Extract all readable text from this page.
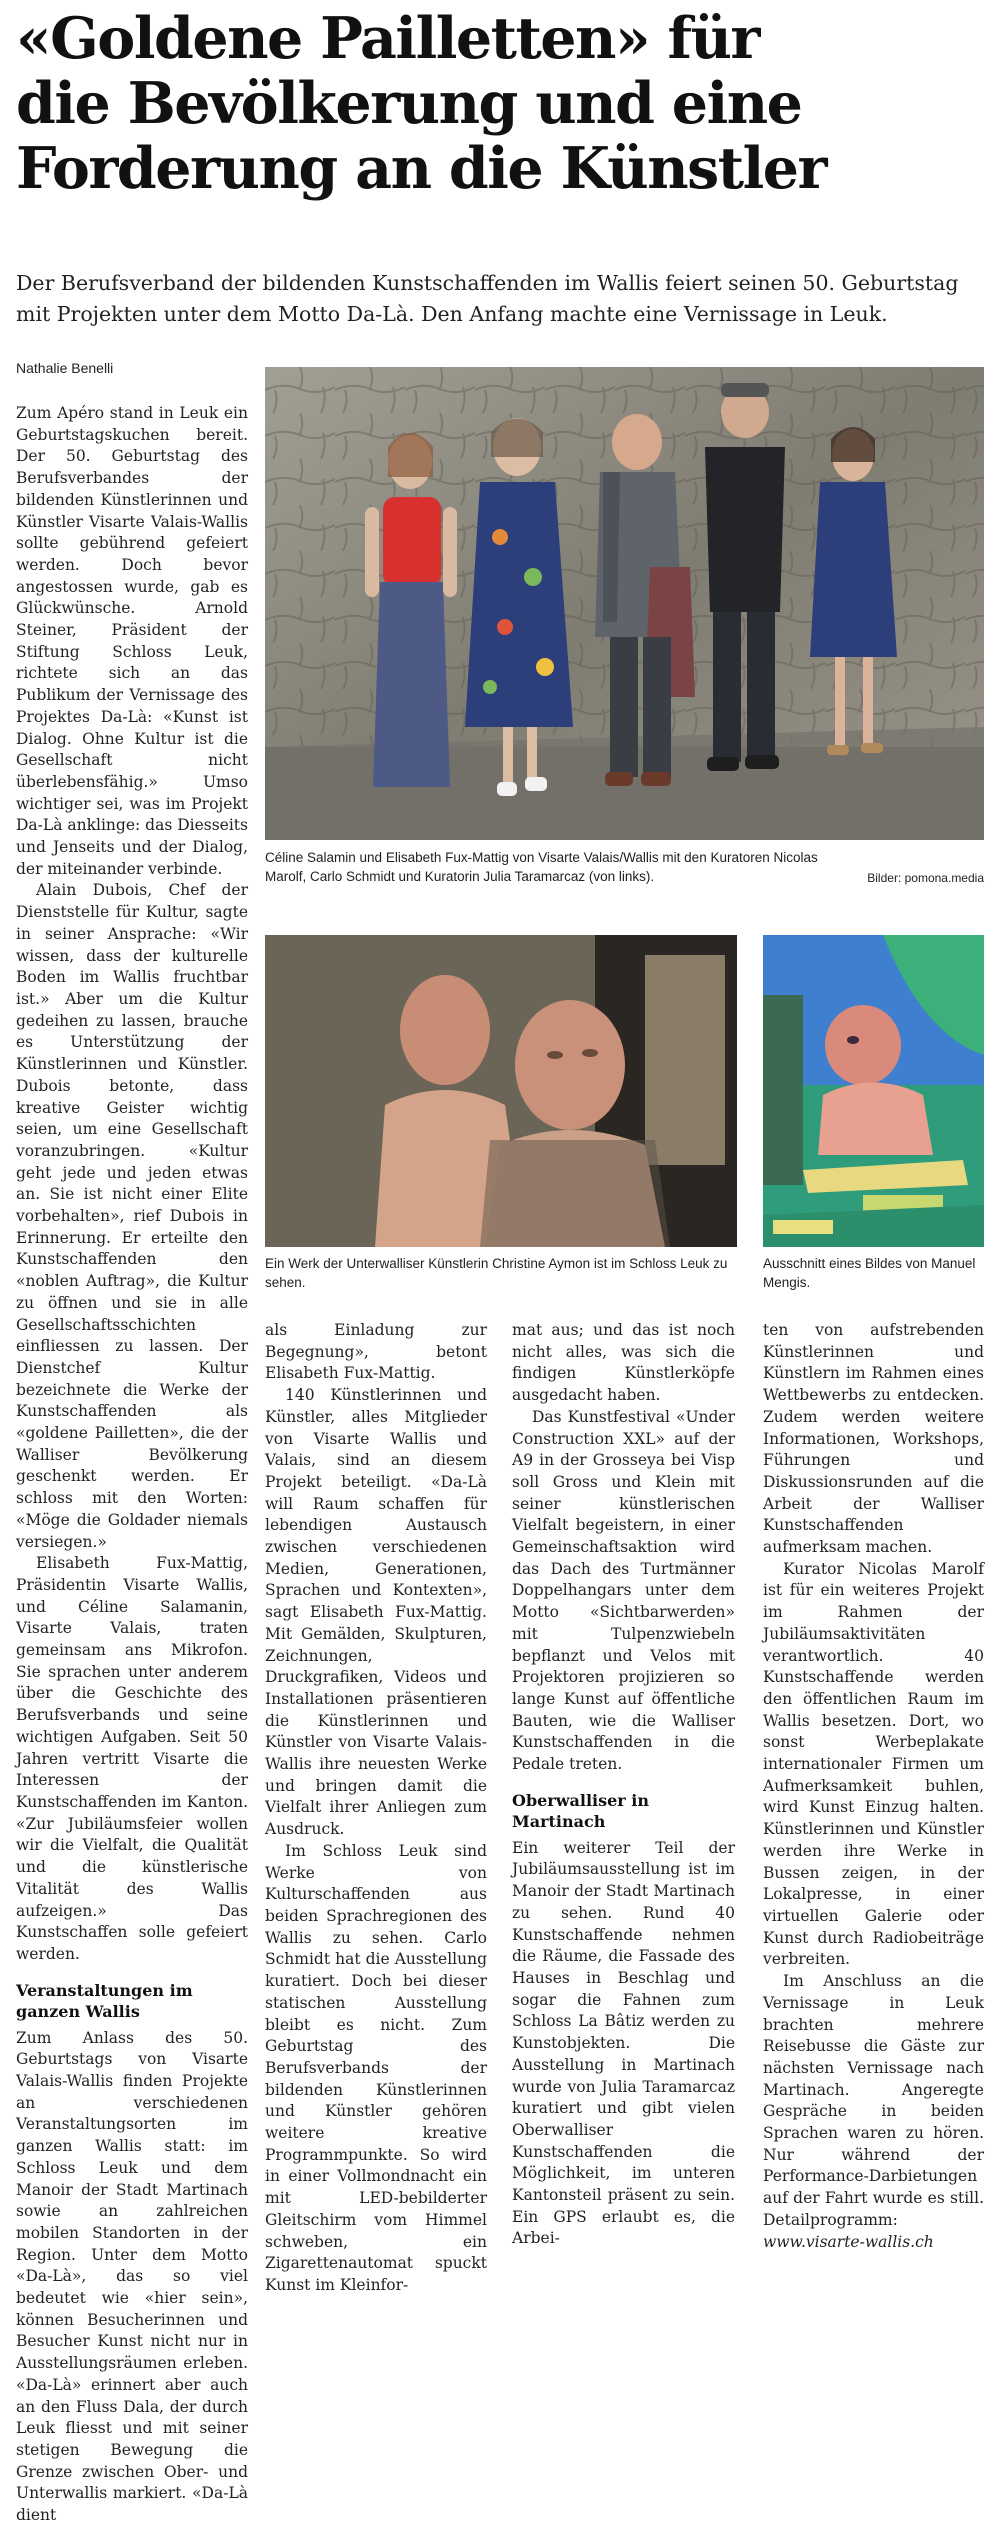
«Goldene Pailletten» für
die Bevölkerung und eine
Forderung an die Künstler

Der Berufsverband der bildenden Kunstschaffenden im Wallis feiert seinen 50. Geburtstag
mit Projekten unter dem Motto Da-Là. Den Anfang machte eine Vernissage in Leuk.

Nathalie Benelli
Céline Salamin und Elisabeth Fux-Mattig von Visarte Valais/Wallis mit den Kuratoren Nicolas Marolf, Carlo Schmidt und Kuratorin Julia Taramarcaz (von links).	Bilder: pomona.media
Ein Werk der Unterwalliser Künstlerin Christine Aymon ist im Schloss Leuk zu sehen.
Ausschnitt eines Bildes von Manuel Mengis.

Zum Apéro stand in Leuk ein Geburtstagskuchen bereit. Der 50. Geburtstag des Berufsverbandes der bildenden Künstlerinnen und Künstler Visarte Valais-Wallis sollte gebührend gefeiert werden. Doch bevor angestossen wurde, gab es Glückwünsche. Arnold Steiner, Präsident der Stiftung Schloss Leuk, richtete sich an das Publikum der Vernissage des Projektes Da-Là: «Kunst ist Dialog. Ohne Kultur ist die Gesellschaft nicht überlebensfähig.» Umso wichtiger sei, was im Projekt Da-Là anklinge: das Diesseits und Jenseits und der Dialog, der miteinander verbinde.

Alain Dubois, Chef der Dienststelle für Kultur, sagte in seiner Ansprache: «Wir wissen, dass der kulturelle Boden im Wallis fruchtbar ist.» Aber um die Kultur gedeihen zu lassen, brauche es Unterstützung der Künstlerinnen und Künstler. Dubois betonte, dass kreative Geister wichtig seien, um eine Gesellschaft voranzubringen. «Kultur geht jede und jeden etwas an. Sie ist nicht einer Elite vorbehalten», rief Dubois in Erinnerung. Er erteilte den Kunstschaffenden den «noblen Auftrag», die Kultur zu öffnen und sie in alle Gesellschaftsschichten einfliessen zu lassen. Der Dienstchef Kultur bezeichnete die Werke der Kunstschaffenden als «goldene Pailletten», die der Walliser Bevölkerung geschenkt werden. Er schloss mit den Worten: «Möge die Goldader niemals versiegen.»

Elisabeth Fux-Mattig, Präsidentin Visarte Wallis, und Céline Salamanin, Visarte Valais, traten gemeinsam ans Mikrofon. Sie sprachen unter anderem über die Geschichte des Berufsverbands und seine wichtigen Aufgaben. Seit 50 Jahren vertritt Visarte die Interessen der Kunstschaffenden im Kanton. «Zur Jubiläumsfeier wollen wir die Vielfalt, die Qualität und die künstlerische Vitalität des Wallis aufzeigen.» Das Kunstschaffen solle gefeiert werden.

Veranstaltungen im ganzen Wallis

Zum Anlass des 50. Geburtstags von Visarte Valais-Wallis finden Projekte an verschiedenen Veranstaltungsorten im ganzen Wallis statt: im Schloss Leuk und dem Manoir der Stadt Martinach sowie an zahlreichen mobilen Standorten in der Region. Unter dem Motto «Da-Là», das so viel bedeutet wie «hier sein», können Besucherinnen und Besucher Kunst nicht nur in Ausstellungsräumen erleben. «Da-Là» erinnert aber auch an den Fluss Dala, der durch Leuk fliesst und mit seiner stetigen Bewegung die Grenze zwischen Ober- und Unterwallis markiert. «Da-Là dient

als Einladung zur Begegnung», betont Elisabeth Fux-Mattig.

140 Künstlerinnen und Künstler, alles Mitglieder von Visarte Wallis und Valais, sind an diesem Projekt beteiligt. «Da-Là will Raum schaffen für lebendigen Austausch zwischen verschiedenen Medien, Generationen, Sprachen und Kontexten», sagt Elisabeth Fux-Mattig. Mit Gemälden, Skulpturen, Zeichnungen, Druckgrafiken, Videos und Installationen präsentieren die Künstlerinnen und Künstler von Visarte Valais-Wallis ihre neuesten Werke und bringen damit die Vielfalt ihrer Anliegen zum Ausdruck.

Im Schloss Leuk sind Werke von Kulturschaffenden aus beiden Sprachregionen des Wallis zu sehen. Carlo Schmidt hat die Ausstellung kuratiert. Doch bei dieser statischen Ausstellung bleibt es nicht. Zum Geburtstag des Berufsverbands der bildenden Künstlerinnen und Künstler gehören weitere kreative Programmpunkte. So wird in einer Vollmondnacht ein mit LED-bebilderter Gleitschirm vom Himmel schweben, ein Zigarettenautomat spuckt Kunst im Kleinfor-

mat aus; und das ist noch nicht alles, was sich die findigen Künstlerköpfe ausgedacht haben.

Das Kunstfestival «Under Construction XXL» auf der A9 in der Grosseya bei Visp soll Gross und Klein mit seiner künstlerischen Vielfalt begeistern, in einer Gemeinschaftsaktion wird das Dach des Turtmänner Doppelhangars unter dem Motto «Sichtbarwerden» mit Tulpenzwiebeln bepflanzt und Velos mit Projektoren projizieren so lange Kunst auf öffentliche Bauten, wie die Walliser Kunstschaffenden in die Pedale treten.

Oberwalliser in Martinach

Ein weiterer Teil der Jubiläumsausstellung ist im Manoir der Stadt Martinach zu sehen. Rund 40 Kunstschaffende nehmen die Räume, die Fassade des Hauses in Beschlag und sogar die Fahnen zum Schloss La Bâtiz werden zu Kunstobjekten. Die Ausstellung in Martinach wurde von Julia Taramarcaz kuratiert und gibt vielen Oberwalliser Kunstschaffenden die Möglichkeit, im unteren Kantonsteil präsent zu sein. Ein GPS erlaubt es, die Arbei-

ten von aufstrebenden Künstlerinnen und Künstlern im Rahmen eines Wettbewerbs zu entdecken. Zudem werden weitere Informationen, Workshops, Führungen und Diskussionsrunden auf die Arbeit der Walliser Kunstschaffenden aufmerksam machen.

Kurator Nicolas Marolf ist für ein weiteres Projekt im Rahmen der Jubiläumsaktivitäten verantwortlich. 40 Kunstschaffende werden den öffentlichen Raum im Wallis besetzen. Dort, wo sonst Werbeplakate internationaler Firmen um Aufmerksamkeit buhlen, wird Kunst Einzug halten. Künstlerinnen und Künstler werden ihre Werke in Bussen zeigen, in der Lokalpresse, in einer virtuellen Galerie oder Kunst durch Radiobeiträge verbreiten.

Im Anschluss an die Vernissage in Leuk brachten mehrere Reisebusse die Gäste zur nächsten Vernissage nach Martinach. Angeregte Gespräche in beiden Sprachen waren zu hören. Nur während der Performance-Darbietungen auf der Fahrt wurde es still. Detailprogramm: www.visarte-wallis.ch
